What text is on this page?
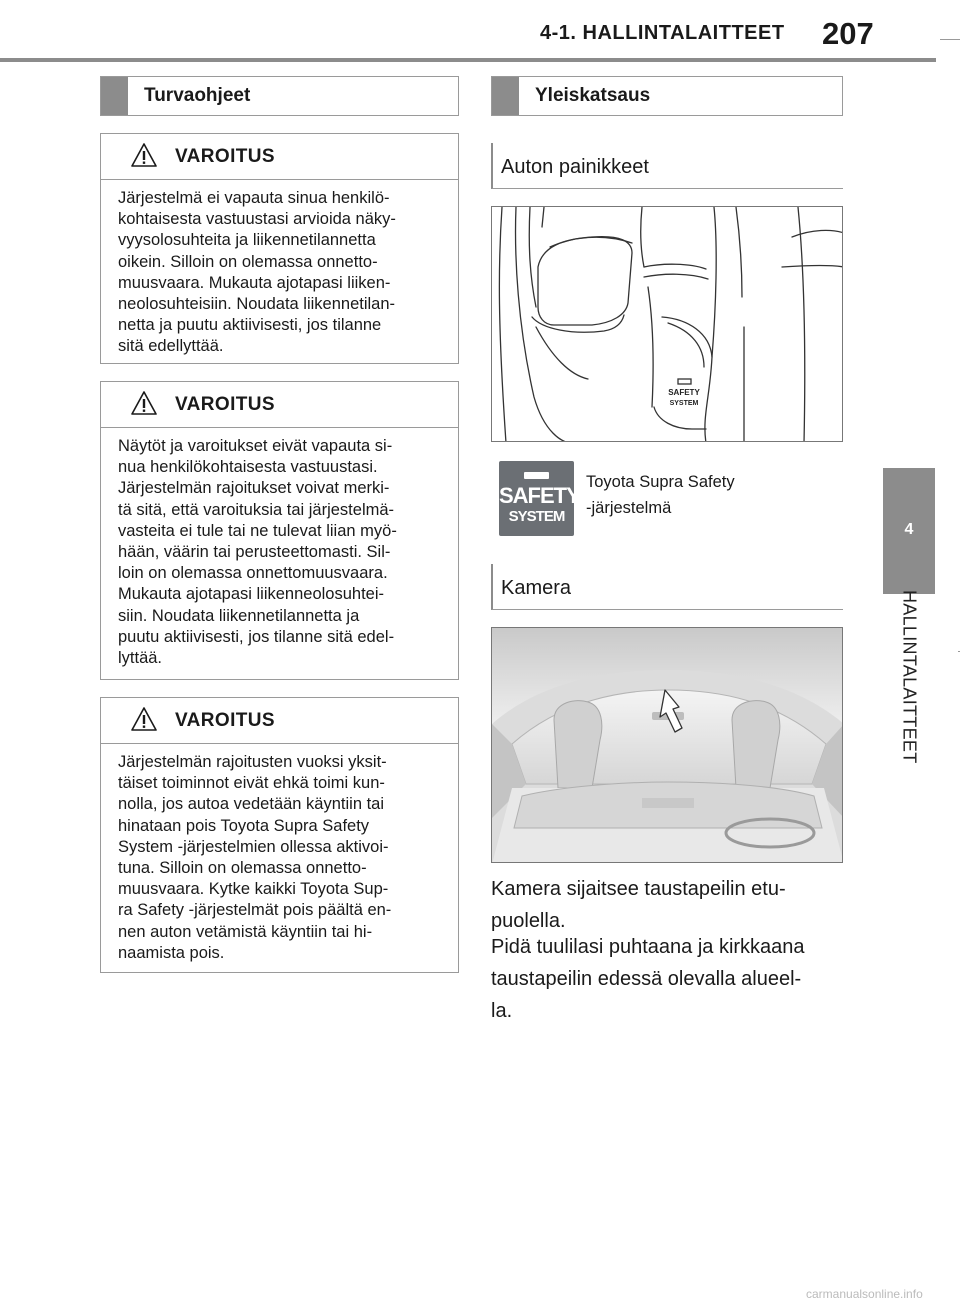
4-1. HALLINTALAITTEET 207
4
HALLINTALAITTEET
Turvaohjeet
VAROITUS
Järjestelmä ei vapauta sinua henkilö-
kohtaisesta vastuustasi arvioida näky-
vyysolosuhteita ja liikennetilannetta
oikein. Silloin on olemassa onnetto-
muusvaara. Mukauta ajotapasi liiken-
neolosuhteisiin. Noudata liikennetilan-
netta ja puutu aktiivisesti, jos tilanne
sitä edellyttää.
VAROITUS
Näytöt ja varoitukset eivät vapauta si-
nua henkilökohtaisesta vastuustasi.
Järjestelmän rajoitukset voivat merki-
tä sitä, että varoituksia tai järjestelmä-
vasteita ei tule tai ne tulevat liian myö-
hään, väärin tai perusteettomasti. Sil-
loin on olemassa onnettomuusvaara.
Mukauta ajotapasi liikenneolosuhtei-
siin. Noudata liikennetilannetta ja
puutu aktiivisesti, jos tilanne sitä edel-
lyttää.
VAROITUS
Järjestelmän rajoitusten vuoksi yksit-
täiset toiminnot eivät ehkä toimi kun-
nolla, jos autoa vedetään käyntiin tai
hinataan pois Toyota Supra Safety
System -järjestelmien ollessa aktivoi-
tuna. Silloin on olemassa onnetto-
muusvaara. Kytke kaikki Toyota Sup-
ra Safety -järjestelmät pois päältä en-
nen auton vetämistä käyntiin tai hi-
naamista pois.
Yleiskatsaus
Auton painikkeet
SAFETY
SYSTEM
SAFETY
SYSTEM
Toyota Supra Safety
-järjestelmä
Kamera
Kamera sijaitsee taustapeilin etu-
puolella.
Pidä tuulilasi puhtaana ja kirkkaana
taustapeilin edessä olevalla alueel-
la.
carmanualsonline.info
